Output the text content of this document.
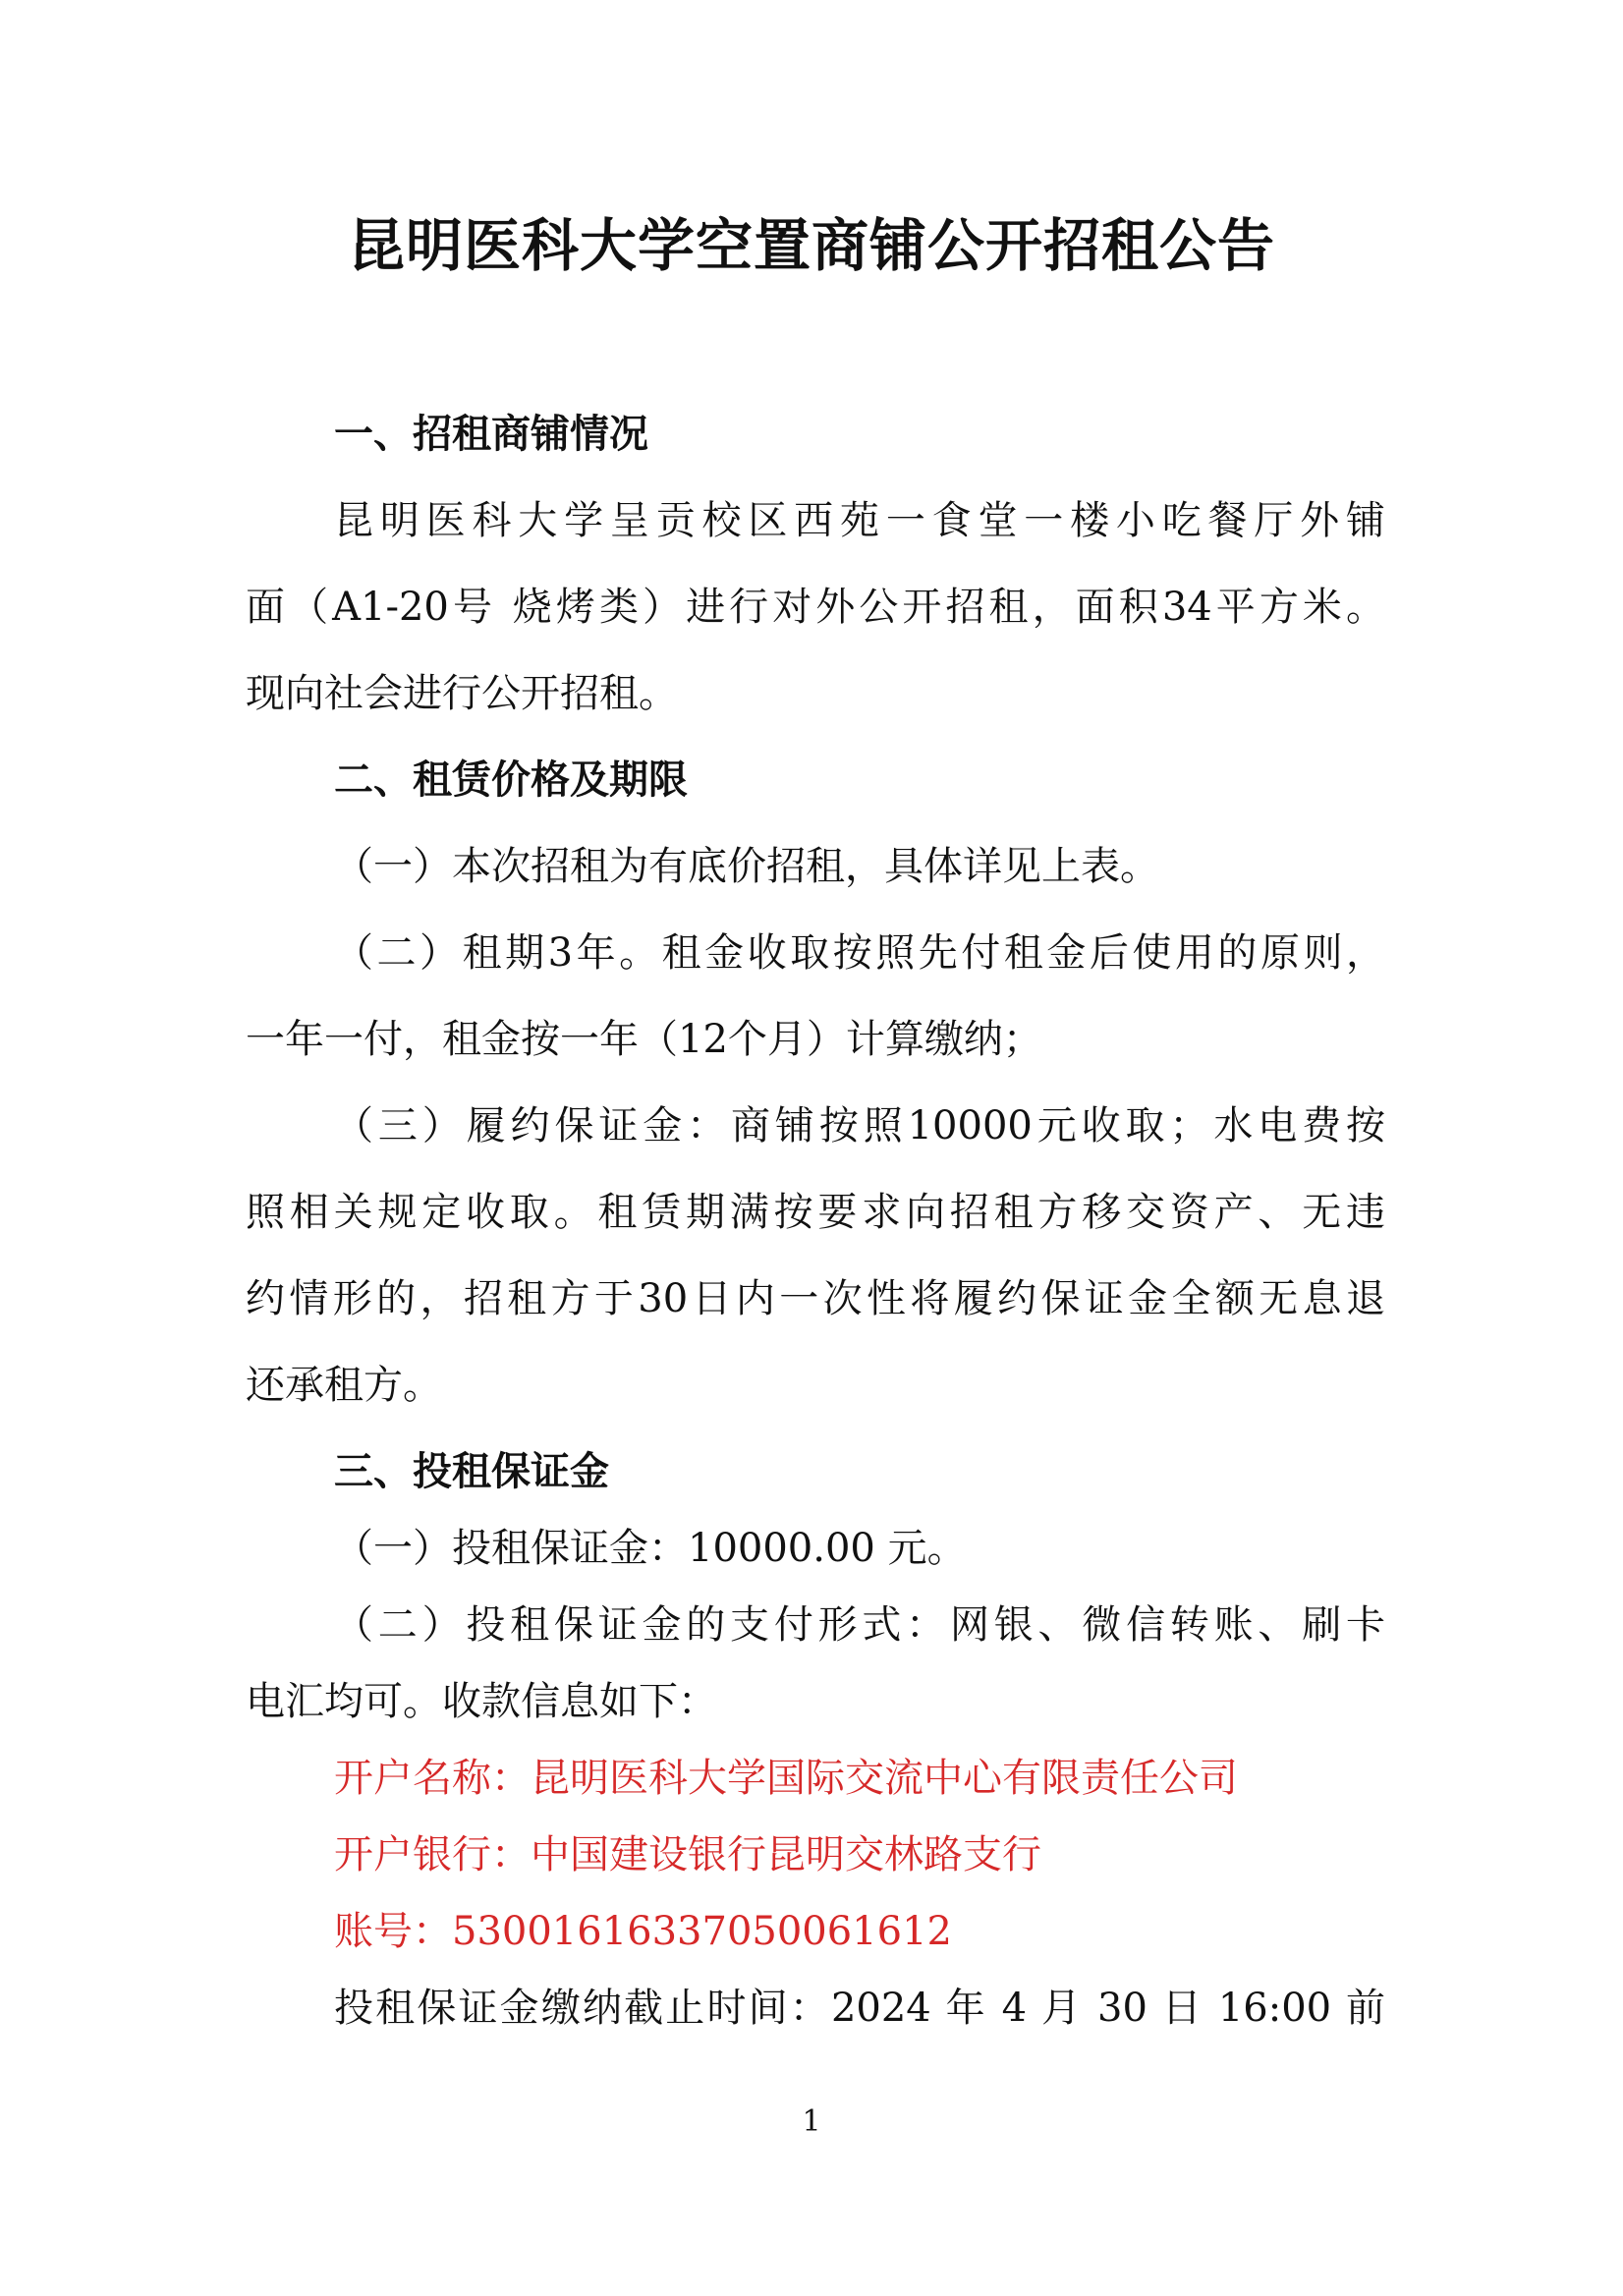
昆明医科大学空置商铺公开招租公告

一、招租商铺情况

昆明医科大学呈贡校区西苑一食堂一楼小吃餐厅外铺

面（A1-20号 烧烤类）进行对外公开招租，面积34平方米。

现向社会进行公开招租。

二、租赁价格及期限

（一）本次招租为有底价招租，具体详见上表。

（二）租期3年。租金收取按照先付租金后使用的原则，

一年一付，租金按一年（12个月）计算缴纳；

（三）履约保证金：商铺按照10000元收取；水电费按

照相关规定收取。租赁期满按要求向招租方移交资产、无违

约情形的，招租方于30日内一次性将履约保证金全额无息退

还承租方。

三、投租保证金

（一）投租保证金：10000.00 元。

（二）投租保证金的支付形式：网银、微信转账、刷卡

电汇均可。收款信息如下：

开户名称：昆明医科大学国际交流中心有限责任公司

开户银行：中国建设银行昆明交林路支行

账号：53001616337050061612

投租保证金缴纳截止时间：2024 年 4 月 30 日 16:00 前

1
